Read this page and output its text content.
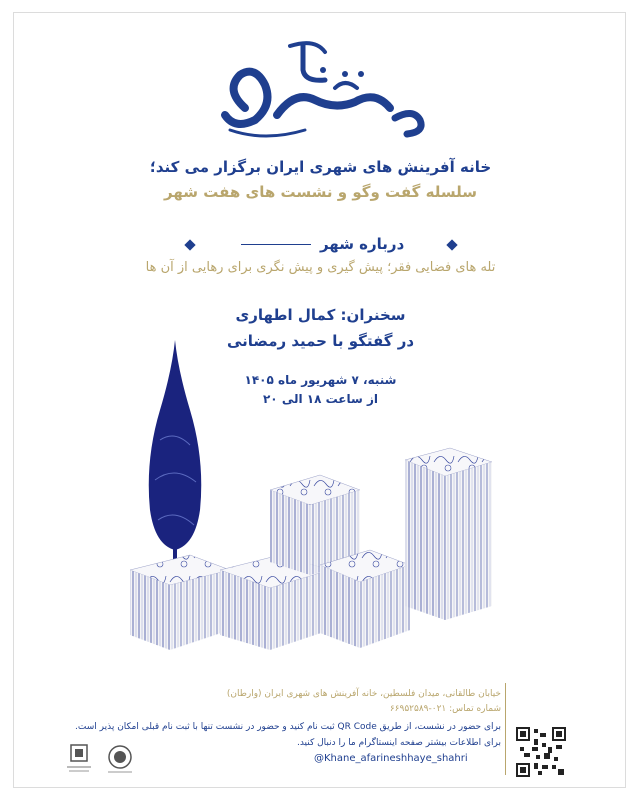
خانه آفرینش های شهری ایران برگزار می کند؛
سلسله گفت وگو و نشست های هفت شهر
درباره شهر
تله های فضایی فقر؛ پیش گیری و پیش نگری برای رهایی از آن ها
سخنران: کمال اطهاری
در گفتگو با حمید رمضانی
شنبه، ۷ شهریور ماه ۱۴۰۵
از ساعت ۱۸ الی ۲۰
خیابان طالقانی، میدان فلسطین، خانه آفرینش های شهری ایران (وارطان)
شماره تماس: ۰۲۱-۶۶۹۵۲۵۸۹
برای حضور در نشست، از طریق QR Code ثبت نام کنید و حضور در نشست تنها با ثبت نام قبلی امکان پذیر است.
برای اطلاعات بیشتر صفحه اینستاگرام ما را دنبال کنید.
@Khane_afarineshhaye_shahri
